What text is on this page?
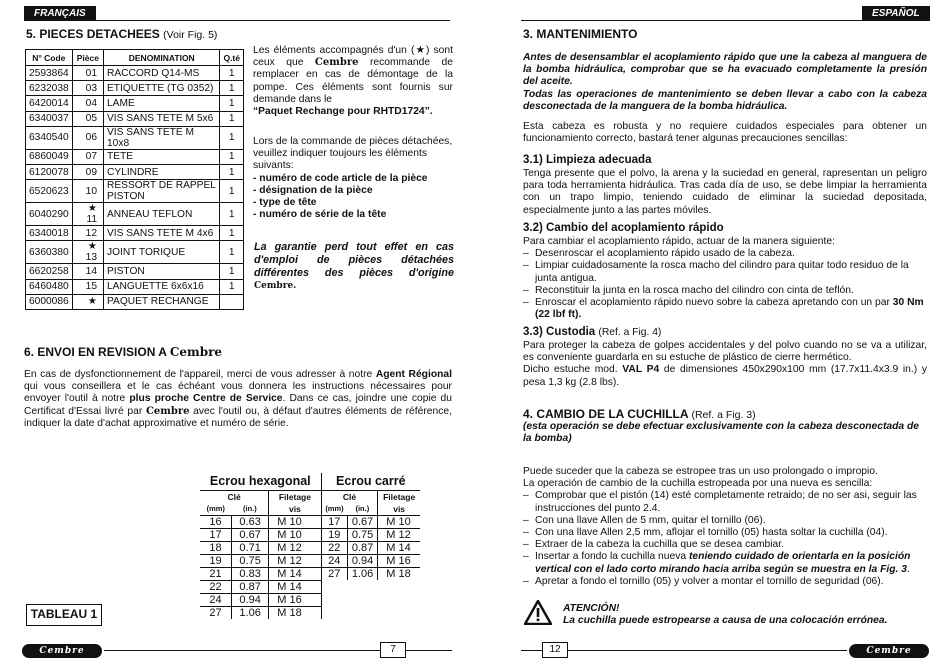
FRANÇAIS
5. PIECES DETACHEES (Voir Fig. 5)
N° Code	Pièce	DENOMINATION	Q.té
2593864	01	RACCORD Q14-MS	1
6232038	03	ETIQUETTE (TG 0352)	1
6420014	04	LAME	1
6340037	05	VIS SANS TETE M 5x6	1
6340540	06	VIS SANS TETE M 10x8	1
6860049	07	TETE	1
6120078	09	CYLINDRE	1
6520623	10	RESSORT DE RAPPEL PISTON	1
6040290	★ 11	ANNEAU TEFLON	1
6340018	12	VIS SANS TETE M 4x6	1
6360380	★ 13	JOINT TORIQUE	1
6620258	14	PISTON	1
6460480	15	LANGUETTE 6x6x16	1
6000086	★	PAQUET RECHANGE	
Les éléments accompagnés d'un (★) sont ceux que Cembre recommande de remplacer en cas de démontage de la pompe. Ces éléments sont fournis sur demande dans le
“Paquet Rechange pour RHTD1724”.
Lors de la commande de pièces détachées, veuillez indiquer toujours les éléments suivants:
- numéro de code article de la pièce
- désignation de la pièce
- type de tête
- numéro de série de la tête
La garantie perd tout effet en cas d'emploi de pièces détachées différentes des pièces d'origine Cembre.
6. ENVOI EN REVISION A Cembre
En cas de dysfonctionnement de l'appareil, merci de vous adresser à notre Agent Régional qui vous conseillera et le cas échéant vous donnera les instructions nécessaires pour envoyer l'outil à notre plus proche Centre de Service. Dans ce cas, joindre une copie du Certificat d'Essai livré par Cembre avec l'outil ou, à défaut d'autres éléments de référence, indiquer la date d'achat approximative et numéro de série.
Ecrou hexagonal			Ecrou carré		
Clé		Filetage	Clé		Filetage
(mm)	(in.)	vis	(mm)	(in.)	vis
16	0.63	M 10	17	0.67	M 10
17	0.67	M 10	19	0.75	M 12
18	0.71	M 12	22	0.87	M 14
19	0.75	M 12	24	0.94	M 16
21	0.83	M 14	27	1.06	M 18
22	0.87	M 14			
24	0.94	M 16			
27	1.06	M 18			
TABLEAU 1
Cembre	7
ESPAÑOL
3. MANTENIMIENTO
Antes de desensamblar el acoplamiento rápido que une la cabeza al manguera de la bomba hidráulica, comprobar que se ha evacuado completamente la presión del aceite.
Todas las operaciones de mantenimiento se deben llevar a cabo con la cabeza desconectada de la manguera de la bomba hidráulica.
Esta cabeza es robusta y no requiere cuidados especiales para obtener un funcionamiento correcto, bastará tener algunas precauciones sencillas:
3.1) Limpieza adecuada
Tenga presente que el polvo, la arena y la suciedad en general, rapresentan un peligro para toda herramienta hidráulica. Tras cada día de uso, se debe limpiar la herramienta con un trapo limpio, teniendo cuidado de eliminar la suciedad depositada, especialmente junto a las partes móviles.
3.2) Cambio del acoplamiento rápido
Para cambiar el acoplamiento rápido, actuar de la manera siguiente:
– Desenroscar el acoplamiento rápido usado de la cabeza.
– Limpiar cuidadosamente la rosca macho del cilindro para quitar todo residuo de la junta antigua.
– Reconstituir la junta en la rosca macho del cilindro con cinta de teflón.
– Enroscar el acoplamiento rápido nuevo sobre la cabeza apretando con un par 30 Nm (22 lbf ft).
3.3) Custodia (Ref. a Fig. 4)
Para proteger la cabeza de golpes accidentales y del polvo cuando no se va a utilizar, es conveniente guardarla en su estuche de plástico de cierre hermético.
Dicho estuche mod. VAL P4 de dimensiones 450x290x100 mm (17.7x11.4x3.9 in.) y pesa 1,3 kg (2.8 lbs).
4. CAMBIO DE LA CUCHILLA (Ref. a Fig. 3)
(esta operación se debe efectuar exclusivamente con la cabeza desconectada de la bomba)
Puede suceder que la cabeza se estropee tras un uso prolongado o impropio.
La operación de cambio de la cuchilla estropeada por una nueva es sencilla:
– Comprobar que el pistón (14) esté completamente retraido; de no ser asi, seguir las instrucciones del punto 2.4.
– Con una llave Allen de 5 mm, quitar el tornillo (06).
– Con una llave Allen 2,5 mm, aflojar el tornillo (05) hasta soltar la cuchilla (04).
– Extraer de la cabeza la cuchilla que se desea cambiar.
– Insertar a fondo la cuchilla nueva teniendo cuidado de orientarla en la posición vertical con el lado corto mirando hacia arriba según se muestra en la Fig. 3.
– Apretar a fondo el tornillo (05) y volver a montar el tornillo de seguridad (06).
ATENCIÓN!
La cuchilla puede estropearse a causa de una colocación errónea.
12	Cembre
